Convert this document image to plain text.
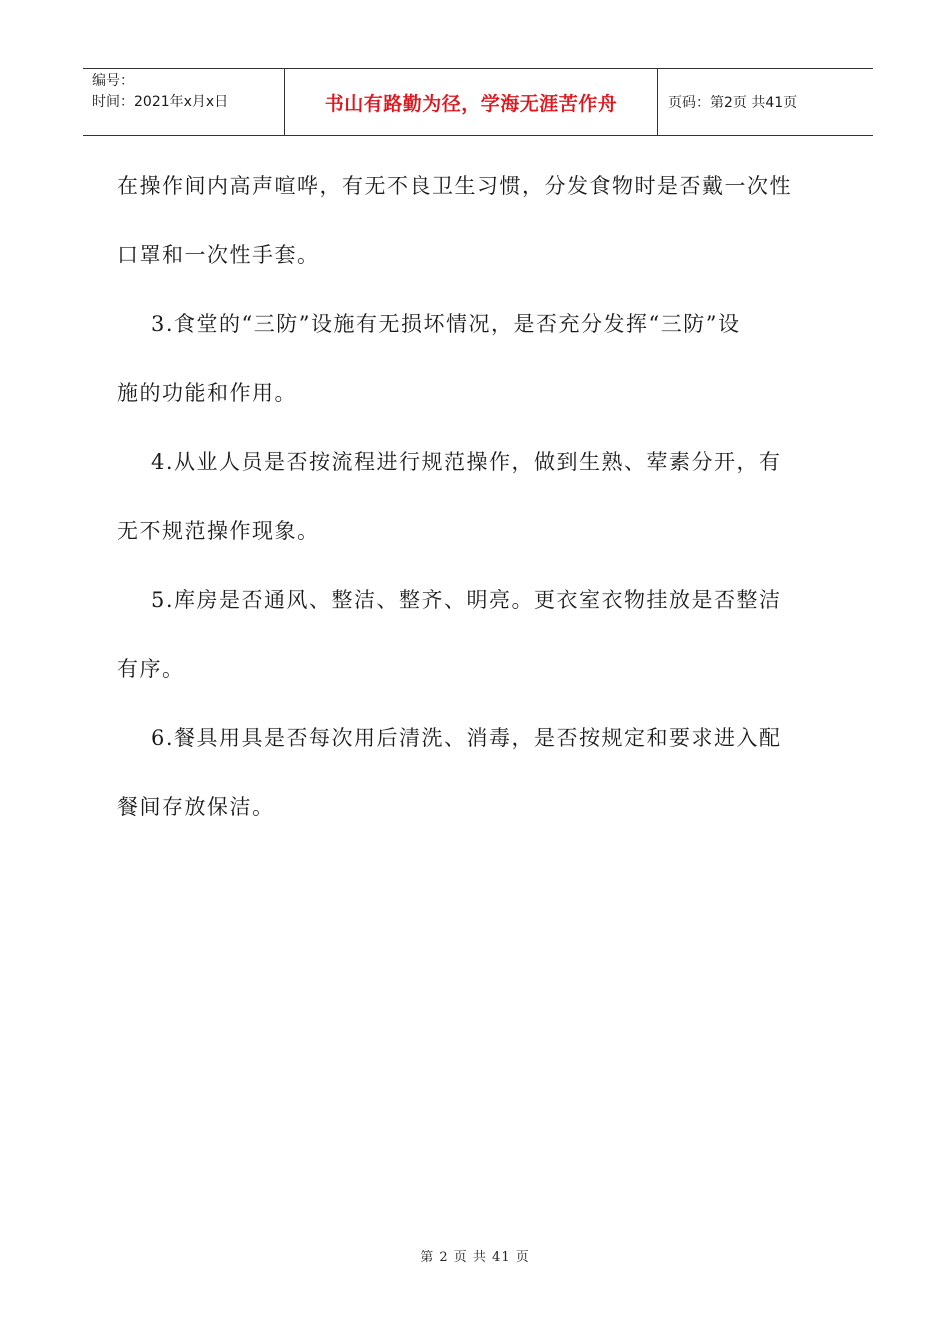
编号：
时间：2021年x月x日	书山有路勤为径，学海无涯苦作舟	页码：第2页 共41页
在操作间内高声喧哗，有无不良卫生习惯，分发食物时是否戴一次性
口罩和一次性手套。
3.食堂的“三防”设施有无损坏情况，是否充分发挥“三防”设
施的功能和作用。
4.从业人员是否按流程进行规范操作，做到生熟、荤素分开，有
无不规范操作现象。
5.库房是否通风、整洁、整齐、明亮。更衣室衣物挂放是否整洁
有序。
6.餐具用具是否每次用后清洗、消毒，是否按规定和要求进入配
餐间存放保洁。
第 2 页 共 41 页
